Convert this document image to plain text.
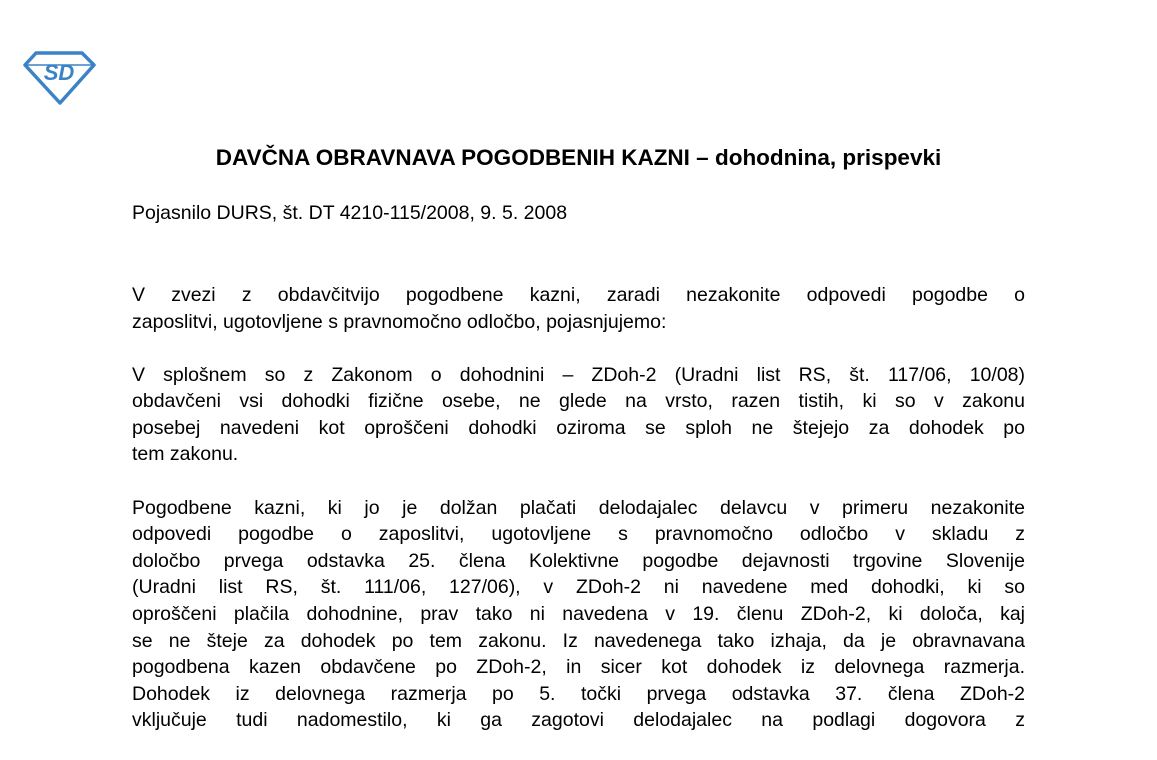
SD
DAVČNA OBRAVNAVA POGODBENIH KAZNI – dohodnina, prispevki

Pojasnilo DURS, št. DT 4210-115/2008, 9. 5. 2008

V zvezi z obdavčitvijo pogodbene kazni, zaradi nezakonite odpovedi pogodbe o
zaposlitvi, ugotovljene s pravnomočno odločbo, pojasnjujemo:

V splošnem so z Zakonom o dohodnini – ZDoh-2 (Uradni list RS, št. 117/06, 10/08)
obdavčeni vsi dohodki fizične osebe, ne glede na vrsto, razen tistih, ki so v zakonu
posebej navedeni kot oproščeni dohodki oziroma se sploh ne štejejo za dohodek po
tem zakonu.

Pogodbene kazni, ki jo je dolžan plačati delodajalec delavcu v primeru nezakonite
odpovedi pogodbe o zaposlitvi, ugotovljene s pravnomočno odločbo v skladu z
določbo prvega odstavka 25. člena Kolektivne pogodbe dejavnosti trgovine Slovenije
(Uradni list RS, št. 111/06, 127/06), v ZDoh-2 ni navedene med dohodki, ki so
oproščeni plačila dohodnine, prav tako ni navedena v 19. členu ZDoh-2, ki določa, kaj
se ne šteje za dohodek po tem zakonu. Iz navedenega tako izhaja, da je obravnavana
pogodbena kazen obdavčene po ZDoh-2, in sicer kot dohodek iz delovnega razmerja.
Dohodek iz delovnega razmerja po 5. točki prvega odstavka 37. člena ZDoh-2
vključuje tudi nadomestilo, ki ga zagotovi delodajalec na podlagi dogovora z
